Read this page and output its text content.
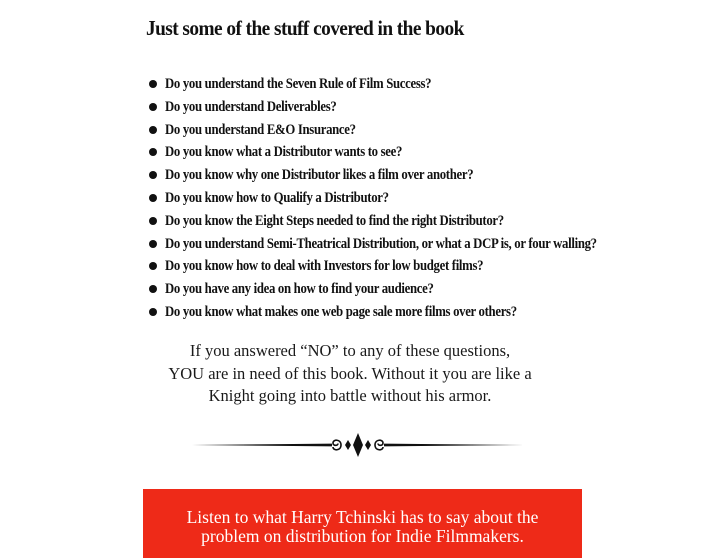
Just some of the stuff covered in the book
Do you understand the Seven Rule of Film Success?
Do you understand Deliverables?
Do you understand E&O Insurance?
Do you know what a Distributor wants to see?
Do you know why one Distributor likes a film over another?
Do you know how to Qualify a Distributor?
Do you know the Eight Steps needed to find the right Distributor?
Do you understand Semi-Theatrical Distribution, or what a DCP is, or four walling?
Do you know how to deal with Investors for low budget films?
Do you have any idea on how to find your audience?
Do you know what makes one web page sale more films over others?

If you answered “NO” to any of these questions,
YOU are in need of this book. Without it you are like a
Knight going into battle without his armor.

Listen to what Harry Tchinski has to say about the
problem on distribution for Indie Filmmakers.
